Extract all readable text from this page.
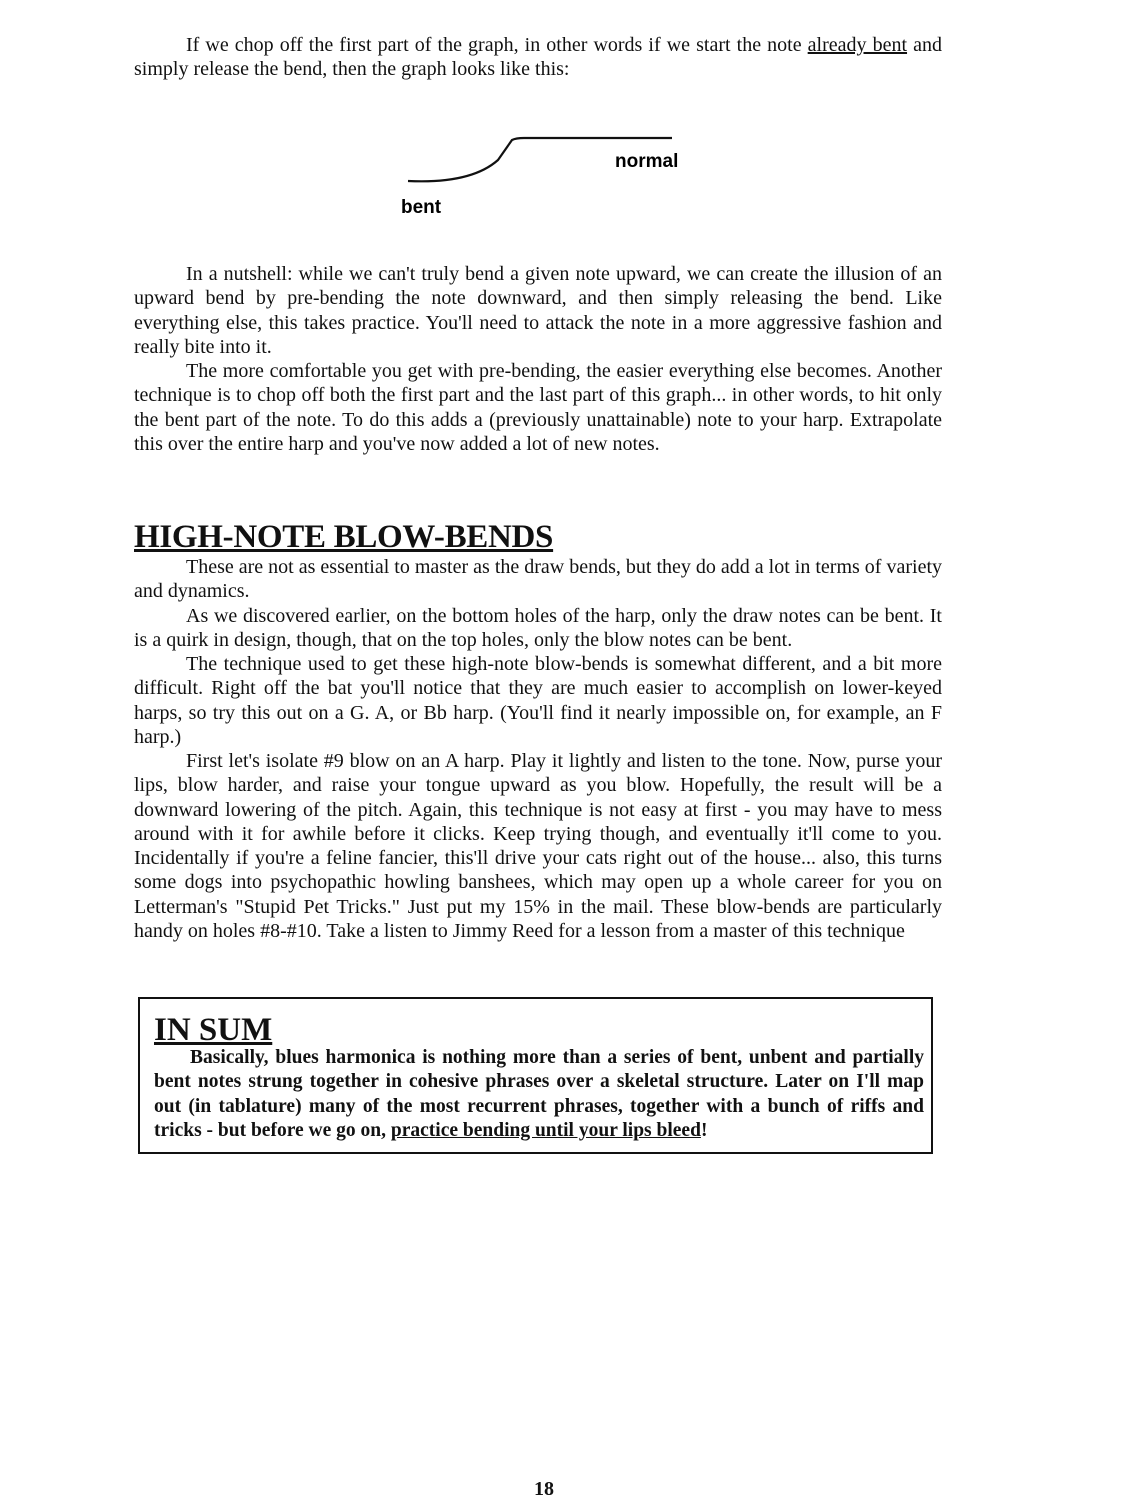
If we chop off the first part of the graph, in other words if we start the note already bent and simply release the bend, then the graph looks like this:

normal
bent

In a nutshell: while we can't truly bend a given note upward, we can create the illusion of an upward bend by pre-bending the note downward, and then simply releasing the bend. Like everything else, this takes practice. You'll need to attack the note in a more aggressive fashion and really bite into it.

The more comfortable you get with pre-bending, the easier everything else becomes. Another technique is to chop off both the first part and the last part of this graph... in other words, to hit only the bent part of the note. To do this adds a (previously unattainable) note to your harp. Extrapolate this over the entire harp and you've now added a lot of new notes.

HIGH-NOTE BLOW-BENDS

These are not as essential to master as the draw bends, but they do add a lot in terms of variety and dynamics.

As we discovered earlier, on the bottom holes of the harp, only the draw notes can be bent. It is a quirk in design, though, that on the top holes, only the blow notes can be bent.

The technique used to get these high-note blow-bends is somewhat different, and a bit more difficult. Right off the bat you'll notice that they are much easier to accomplish on lower-keyed harps, so try this out on a G. A, or Bb harp. (You'll find it nearly impossible on, for example, an F harp.)

First let's isolate #9 blow on an A harp. Play it lightly and listen to the tone. Now, purse your lips, blow harder, and raise your tongue upward as you blow. Hopefully, the result will be a downward lowering of the pitch. Again, this technique is not easy at first - you may have to mess around with it for awhile before it clicks. Keep trying though, and eventually it'll come to you. Incidentally if you're a feline fancier, this'll drive your cats right out of the house... also, this turns some dogs into psychopathic howling banshees, which may open up a whole career for you on Letterman's "Stupid Pet Tricks." Just put my 15% in the mail. These blow-bends are particularly handy on holes #8-#10. Take a listen to Jimmy Reed for a lesson from a master of this technique

IN SUM

Basically, blues harmonica is nothing more than a series of bent, unbent and partially bent notes strung together in cohesive phrases over a skeletal structure. Later on I'll map out (in tablature) many of the most recurrent phrases, together with a bunch of riffs and tricks - but before we go on, practice bending until your lips bleed!

18
